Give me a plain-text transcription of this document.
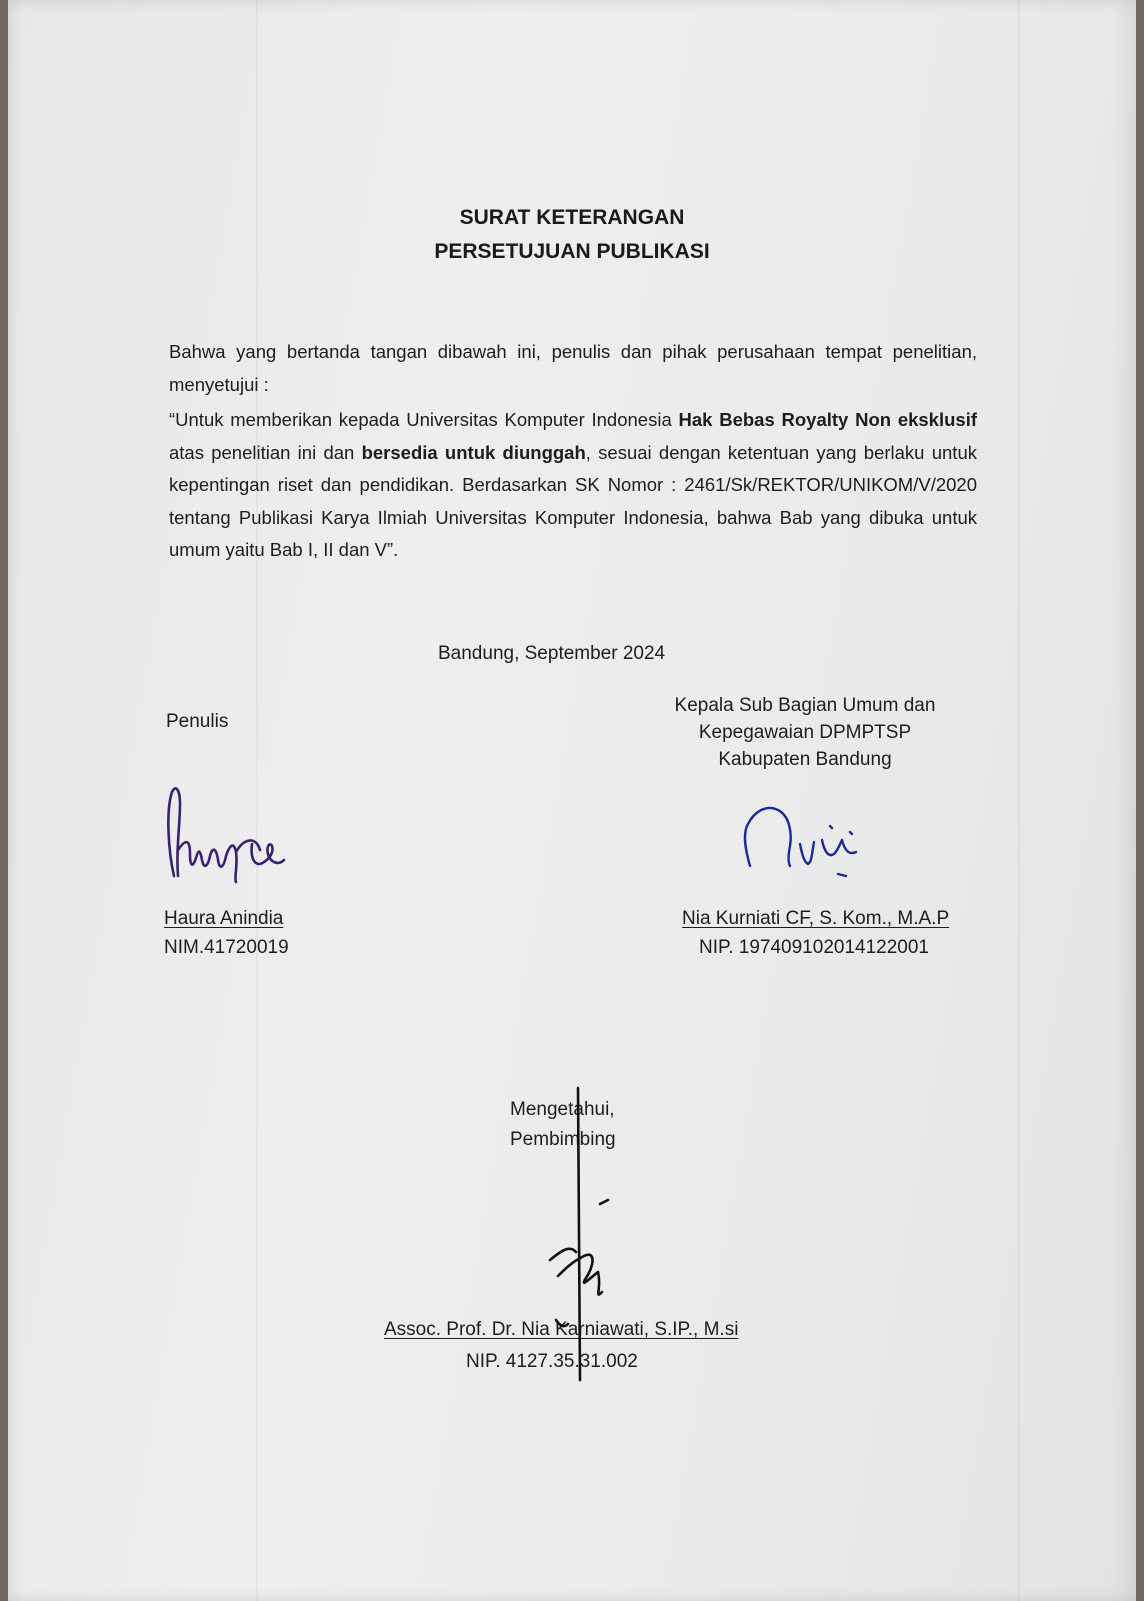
SURAT KETERANGAN
PERSETUJUAN PUBLIKASI
Bahwa yang bertanda tangan dibawah ini, penulis dan pihak perusahaan tempat penelitian, menyetujui :
“Untuk memberikan kepada Universitas Komputer Indonesia Hak Bebas Royalty Non eksklusif atas penelitian ini dan bersedia untuk diunggah, sesuai dengan ketentuan yang berlaku untuk kepentingan riset dan pendidikan. Berdasarkan SK Nomor : 2461/Sk/REKTOR/UNIKOM/V/2020 tentang Publikasi Karya Ilmiah Universitas Komputer Indonesia, bahwa Bab yang dibuka untuk umum yaitu Bab I, II dan V”.
Bandung, September 2024
Penulis
Kepala Sub Bagian Umum dan
Kepegawaian DPMPTSP
Kabupaten Bandung
Haura Anindia
NIM.41720019
Nia Kurniati CF, S. Kom., M.A.P
NIP. 197409102014122001
Mengetahui,
Pembimbing
Assoc. Prof. Dr. Nia Karniawati, S.IP., M.si
NIP. 4127.35.31.002
